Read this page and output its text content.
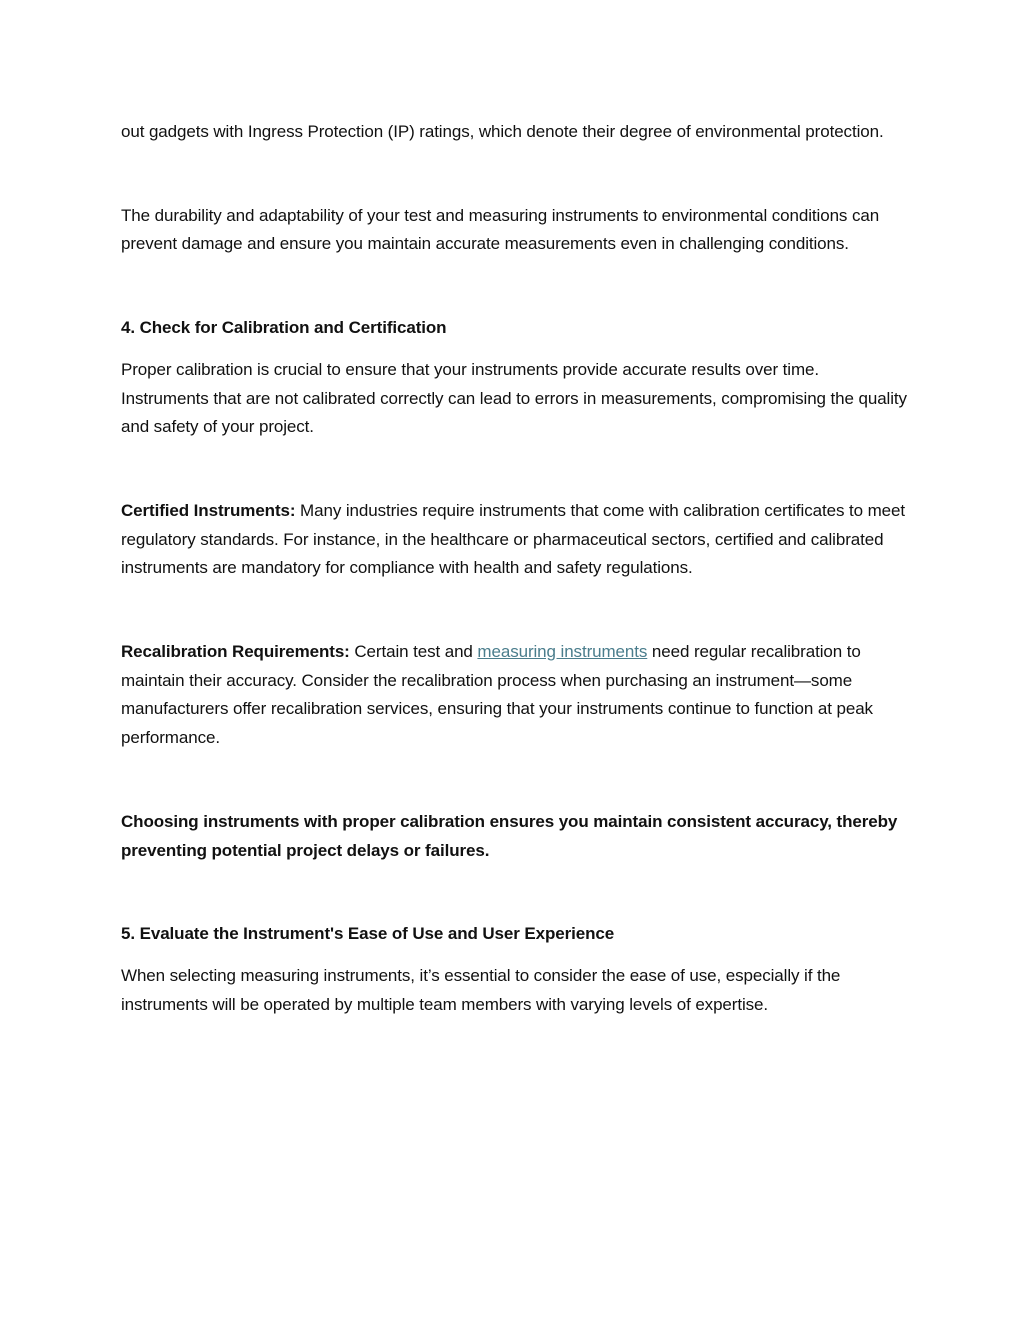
out gadgets with Ingress Protection (IP) ratings, which denote their degree of environmental protection.

The durability and adaptability of your test and measuring instruments to environmental conditions can prevent damage and ensure you maintain accurate measurements even in challenging conditions.

4. Check for Calibration and Certification

Proper calibration is crucial to ensure that your instruments provide accurate results over time. Instruments that are not calibrated correctly can lead to errors in measurements, compromising the quality and safety of your project.

Certified Instruments: Many industries require instruments that come with calibration certificates to meet regulatory standards. For instance, in the healthcare or pharmaceutical sectors, certified and calibrated instruments are mandatory for compliance with health and safety regulations.

Recalibration Requirements: Certain test and measuring instruments need regular recalibration to maintain their accuracy. Consider the recalibration process when purchasing an instrument—some manufacturers offer recalibration services, ensuring that your instruments continue to function at peak performance.

Choosing instruments with proper calibration ensures you maintain consistent accuracy, thereby preventing potential project delays or failures.

5. Evaluate the Instrument's Ease of Use and User Experience

When selecting measuring instruments, it’s essential to consider the ease of use, especially if the instruments will be operated by multiple team members with varying levels of expertise.
